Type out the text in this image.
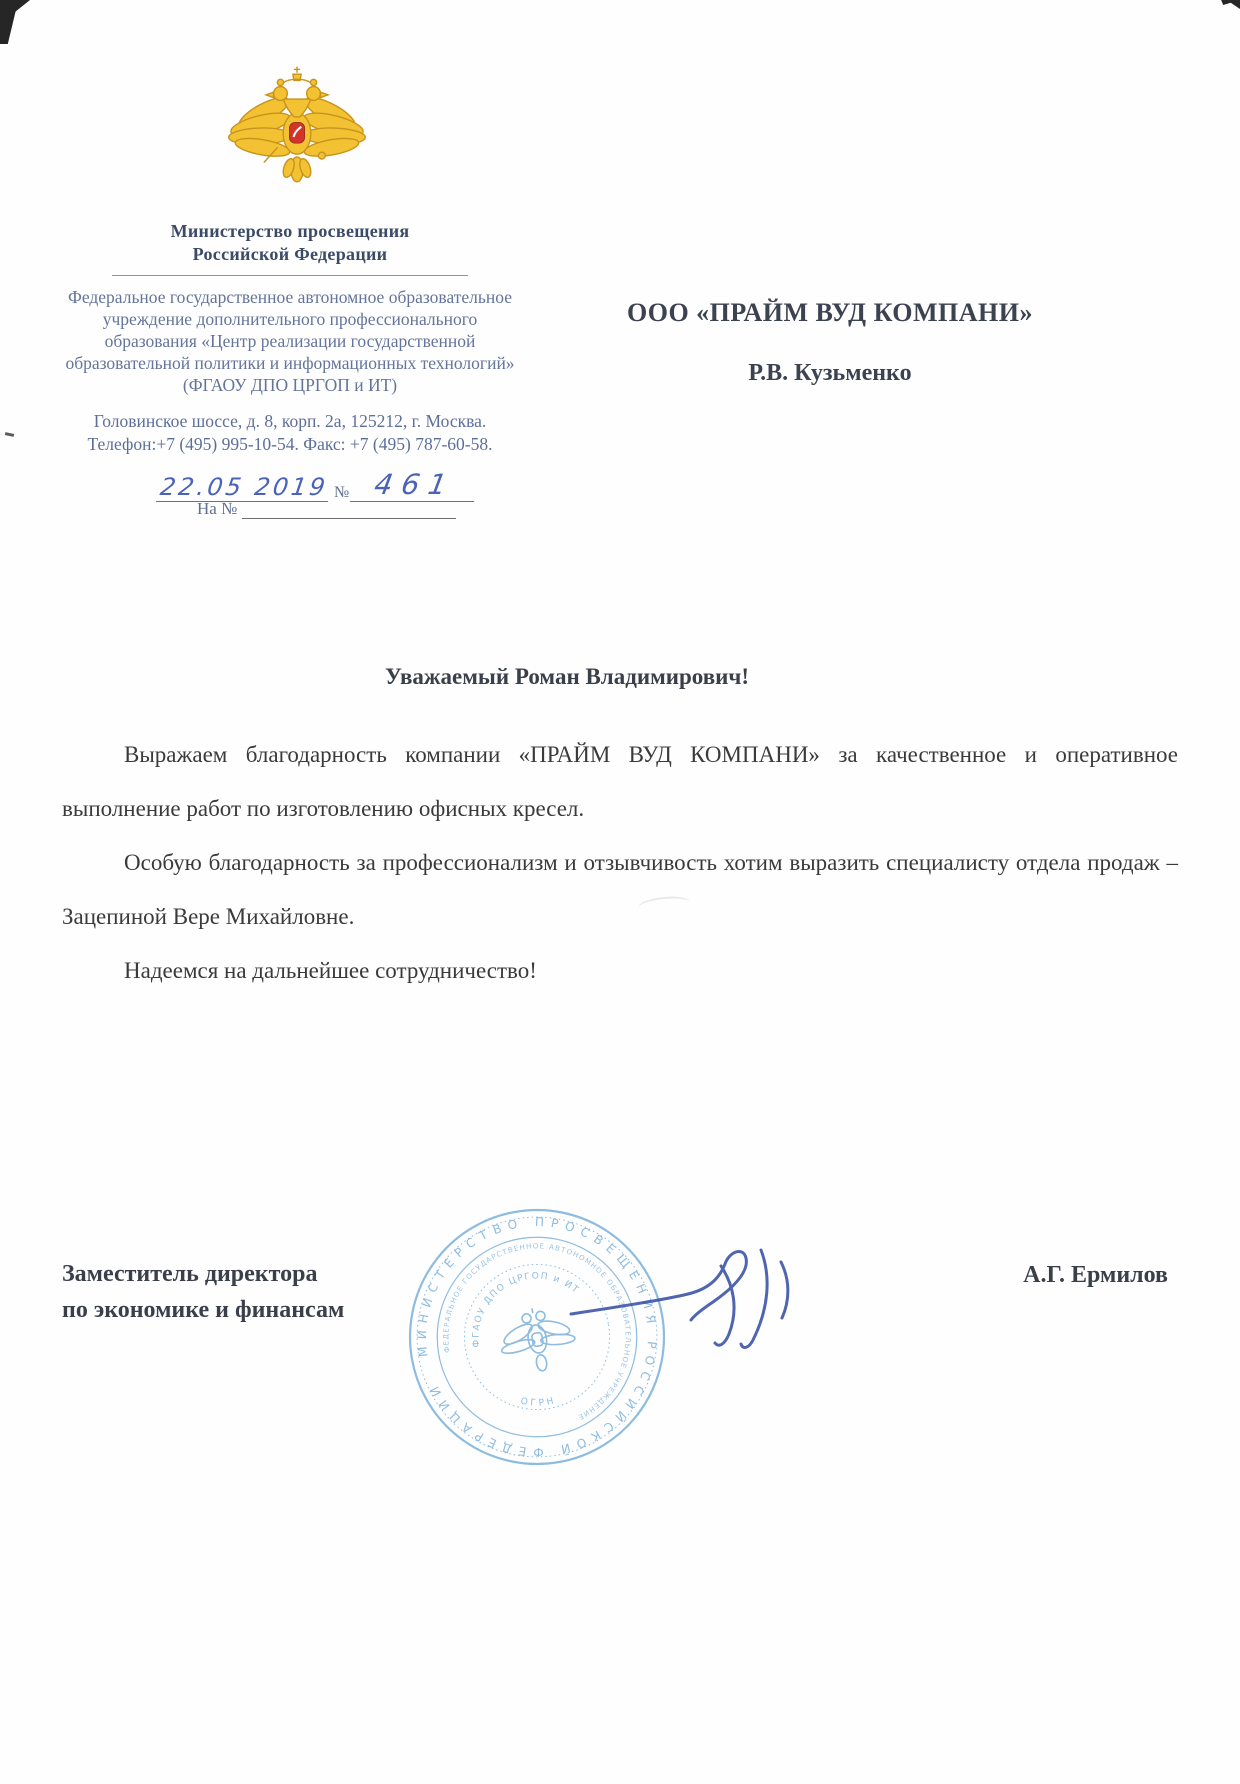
Министерство просвещения
Российской Федерации
Федеральное государственное автономное образовательное
учреждение дополнительного профессионального
образования «Центр реализации государственной
образовательной политики и информационных технологий»
(ФГАОУ ДПО ЦРГОП и ИТ)
Головинское шоссе, д. 8, корп. 2а, 125212, г. Москва.
Телефон:+7 (495) 995-10-54. Факс: +7 (495) 787-60-58.
22.05 2019 № 461
На №
ООО «ПРАЙМ ВУД КОМПАНИ»
Р.В. Кузьменко
Уважаемый Роман Владимирович!

Выражаем благодарность компании «ПРАЙМ ВУД КОМПАНИ» за качественное и оперативное выполнение работ по изготовлению офисных кресел.

Особую благодарность за профессионализм и отзывчивость хотим выразить специалисту отдела продаж – Зацепиной Вере Михайловне.

Надеемся на дальнейшее сотрудничество!

Заместитель директора
по экономике и финансам
А.Г. Ермилов
МИНИСТЕРСТВО ПРОСВЕЩЕНИЯ РОССИЙСКОЙ ФЕДЕРАЦИИ
ФЕДЕРАЛЬНОЕ ГОСУДАРСТВЕННОЕ АВТОНОМНОЕ ОБРАЗОВАТЕЛЬНОЕ УЧРЕЖДЕНИЕ
ФГАОУ ДПО ЦРГОП и ИТ
ОГРН
